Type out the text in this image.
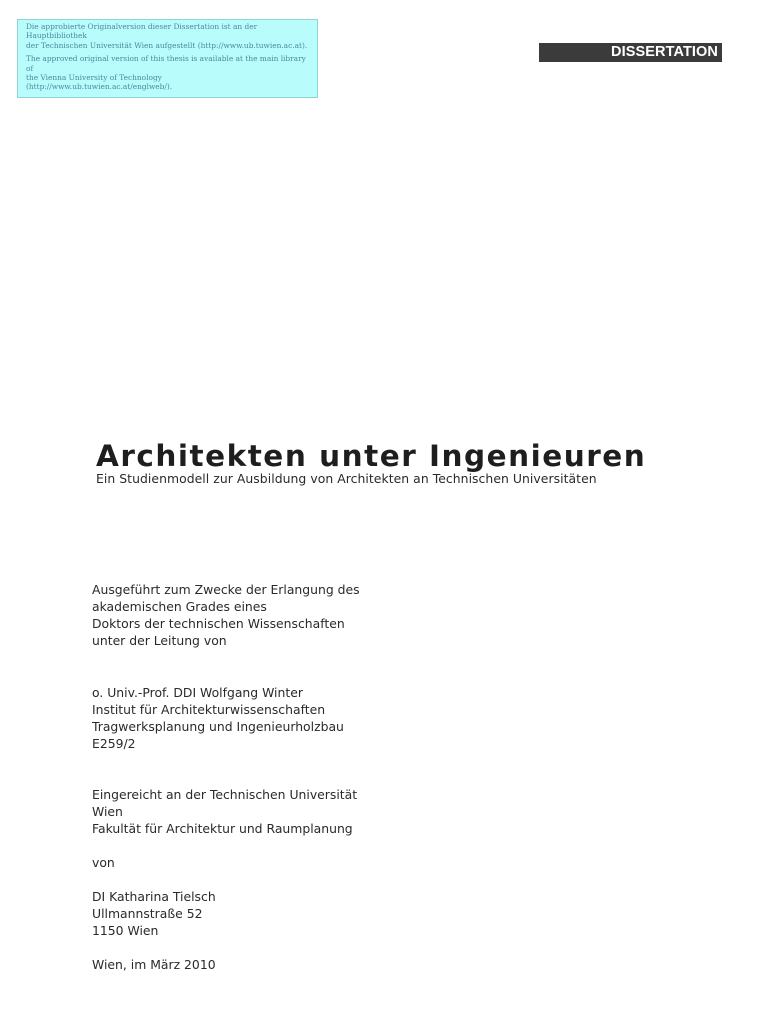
Die approbierte Originalversion dieser Dissertation ist an der Hauptbibliothek
der Technischen Universität Wien aufgestellt (http://www.ub.tuwien.ac.at).

The approved original version of this thesis is available at the main library of
the Vienna University of Technology (http://www.ub.tuwien.ac.at/englweb/).

DISSERTATION
Architekten unter Ingenieuren

Ein Studienmodell zur Ausbildung von Architekten an Technischen Universitäten

Ausgeführt zum Zwecke der Erlangung des
akademischen Grades eines
Doktors der technischen Wissenschaften
unter der Leitung von
o. Univ.-Prof. DDI Wolfgang Winter
Institut für Architekturwissenschaften
Tragwerksplanung und Ingenieurholzbau
E259/2
Eingereicht an der Technischen Universität
Wien
Fakultät für Architektur und Raumplanung
von
DI Katharina Tielsch
Ullmannstraße 52
1150 Wien
Wien, im März 2010
